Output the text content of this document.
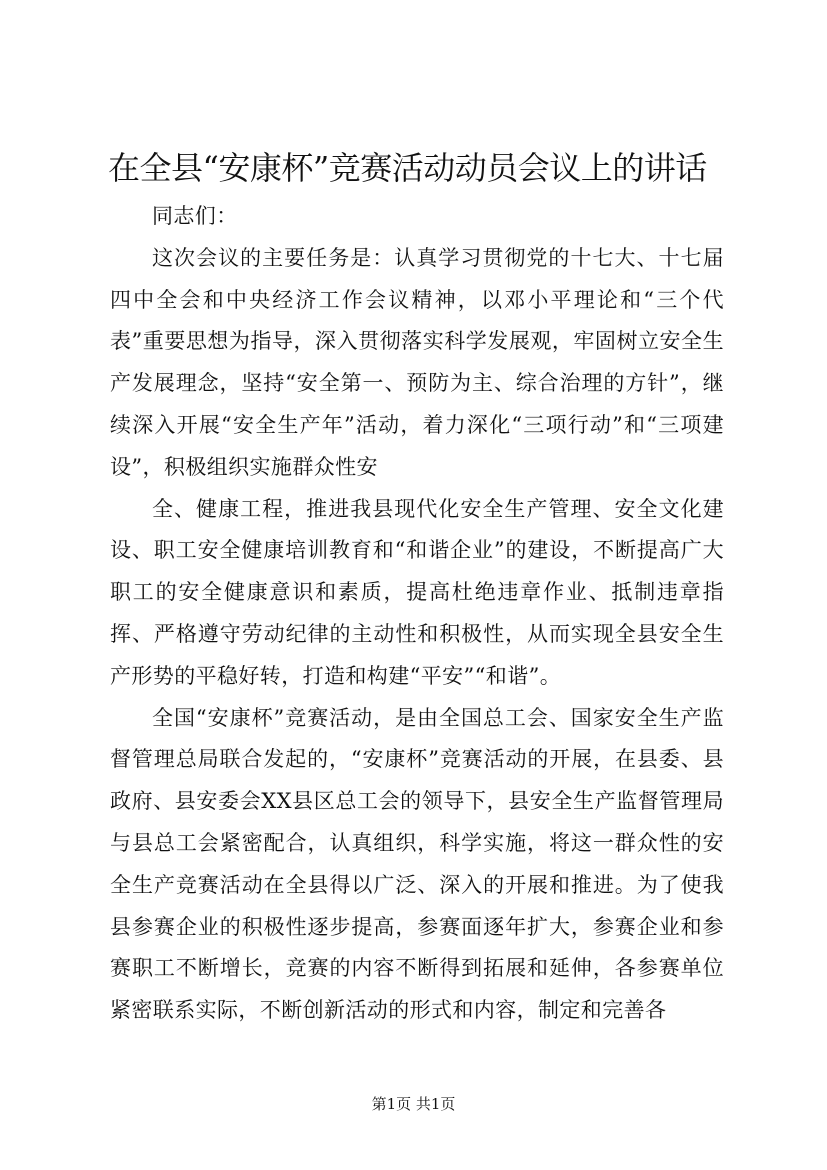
在全县“安康杯”竞赛活动动员会议上的讲话

同志们：

这次会议的主要任务是：认真学习贯彻党的十七大、十七届四中全会和中央经济工作会议精神，以邓小平理论和“三个代表”重要思想为指导，深入贯彻落实科学发展观，牢固树立安全生产发展理念，坚持“安全第一、预防为主、综合治理的方针”，继续深入开展“安全生产年”活动，着力深化“三项行动”和“三项建设”，积极组织实施群众性安

全、健康工程，推进我县现代化安全生产管理、安全文化建设、职工安全健康培训教育和“和谐企业”的建设，不断提高广大职工的安全健康意识和素质，提高杜绝违章作业、抵制违章指挥、严格遵守劳动纪律的主动性和积极性，从而实现全县安全生产形势的平稳好转，打造和构建“平安”“和谐”。

全国“安康杯”竞赛活动，是由全国总工会、国家安全生产监督管理总局联合发起的，“安康杯”竞赛活动的开展，在县委、县政府、县安委会XX县区总工会的领导下，县安全生产监督管理局与县总工会紧密配合，认真组织，科学实施，将这一群众性的安全生产竞赛活动在全县得以广泛、深入的开展和推进。为了使我县参赛企业的积极性逐步提高，参赛面逐年扩大，参赛企业和参赛职工不断增长，竞赛的内容不断得到拓展和延伸，各参赛单位紧密联系实际，不断创新活动的形式和内容，制定和完善各

第1页 共1页
